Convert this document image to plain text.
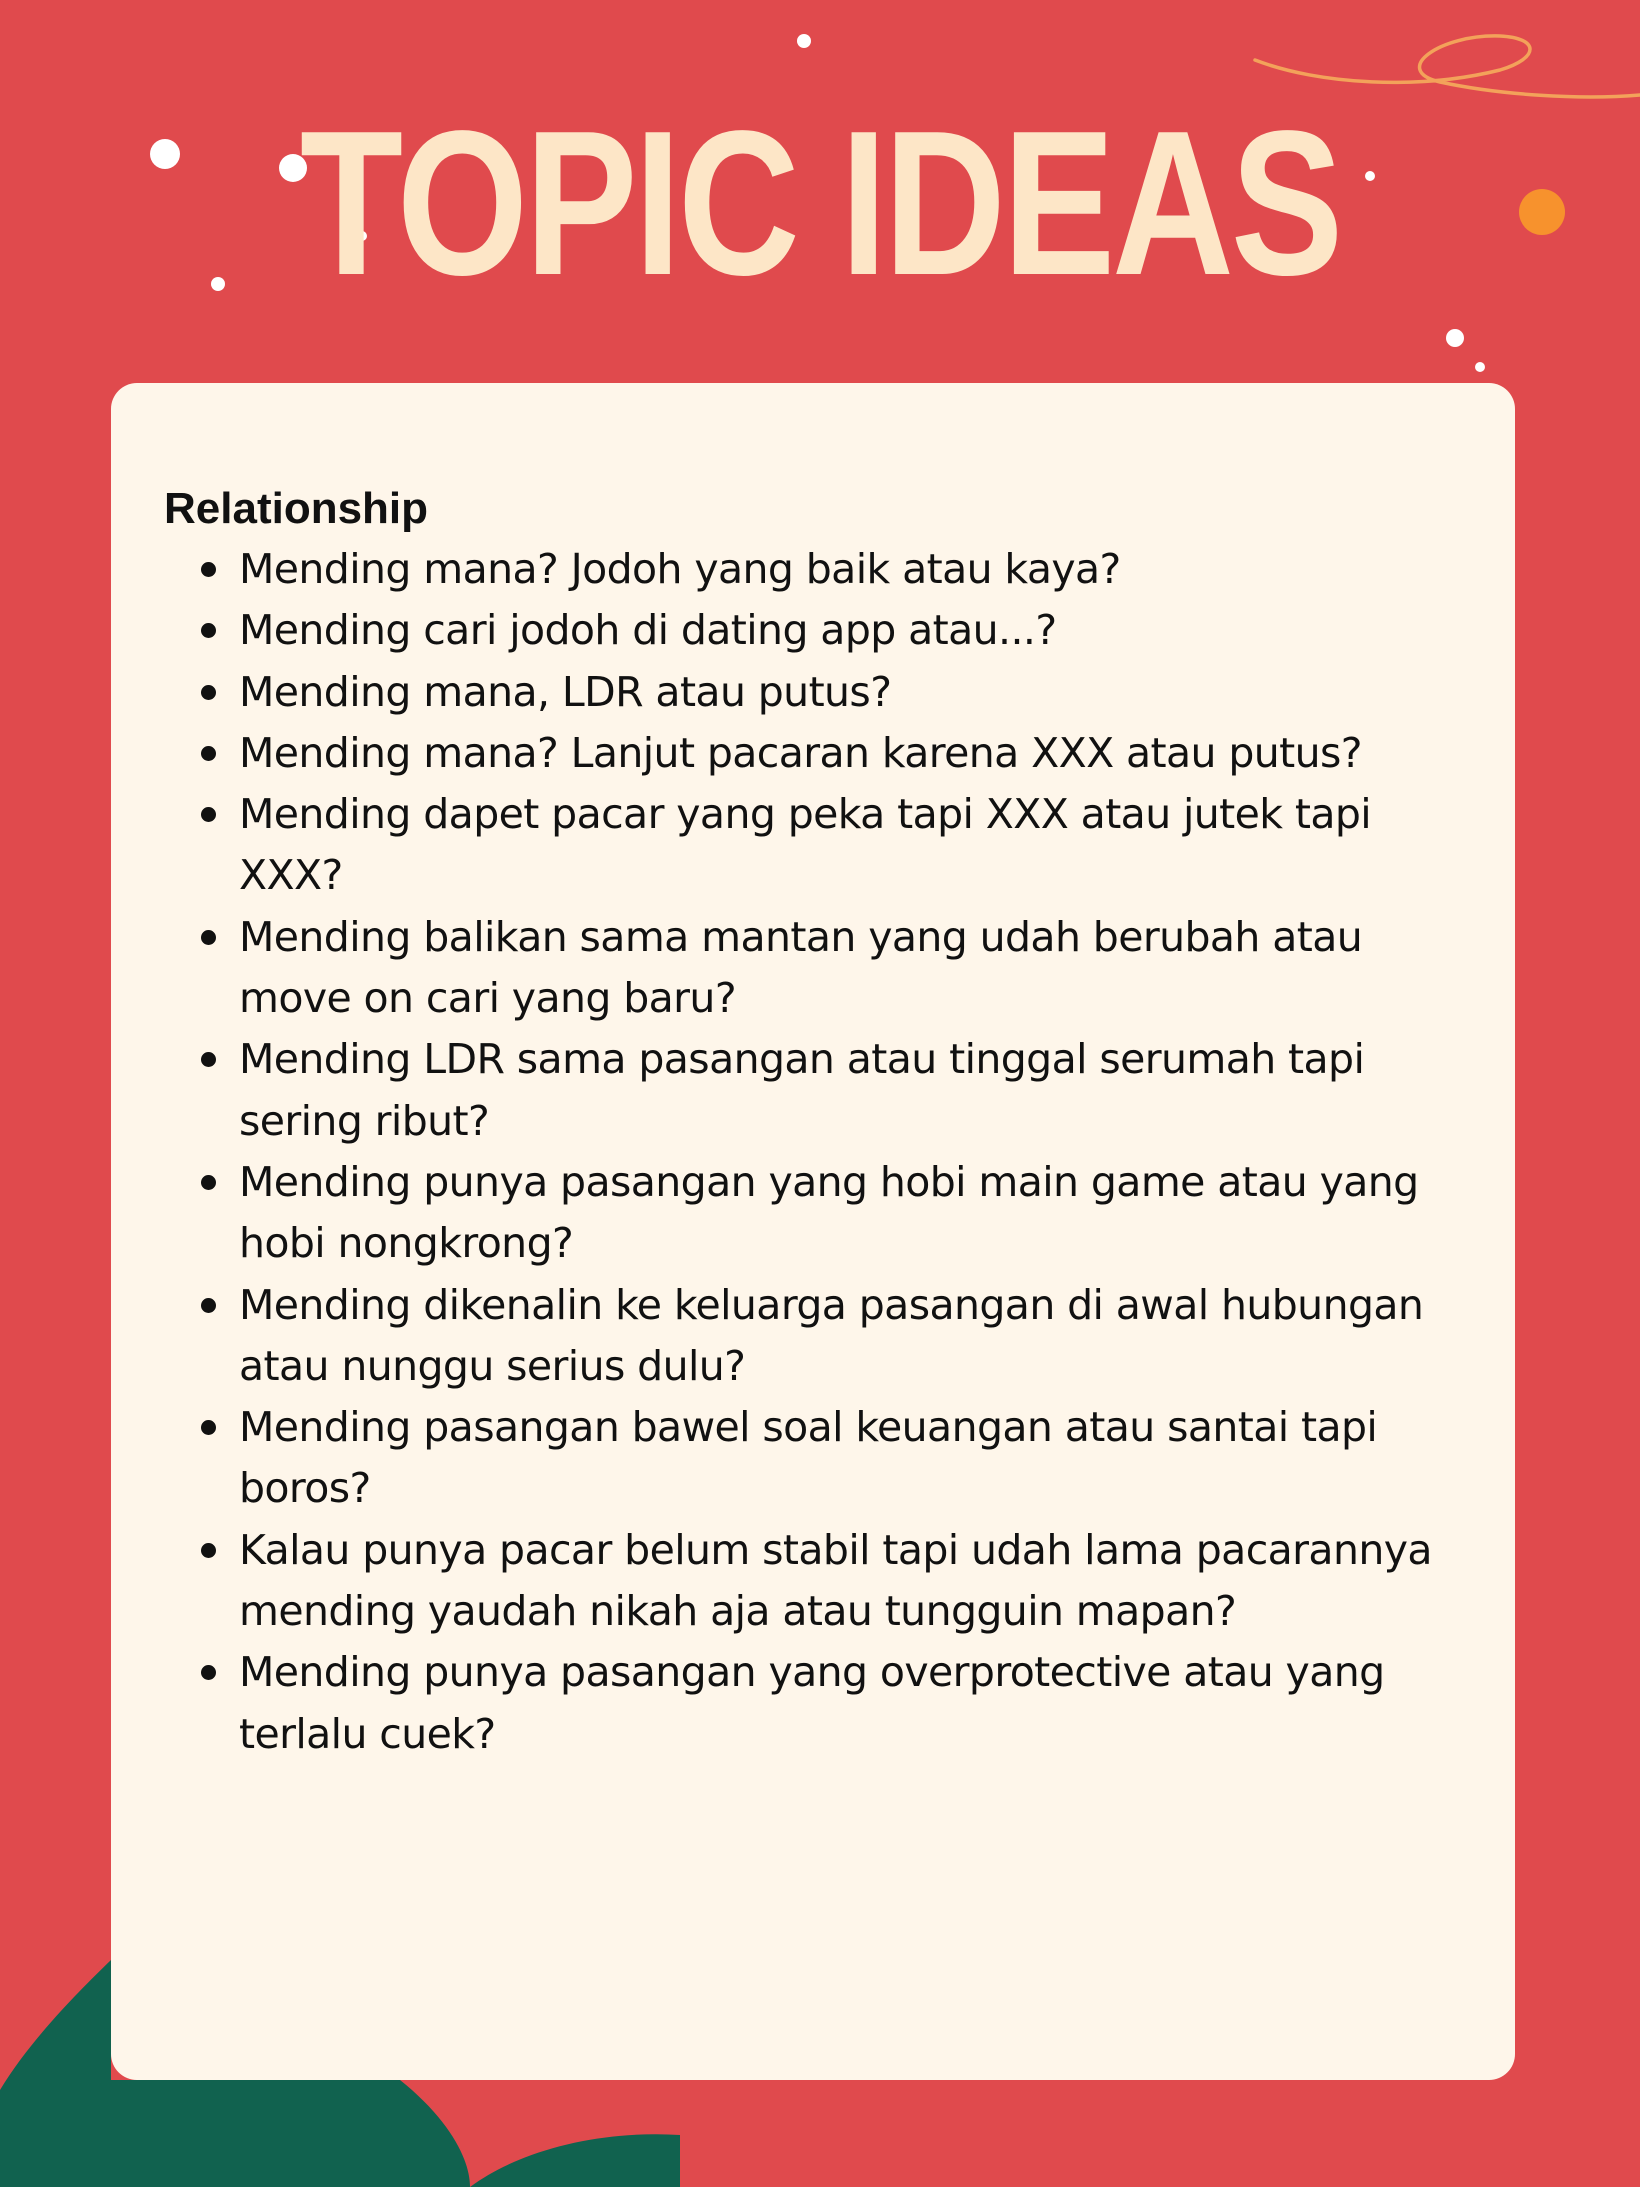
TOPIC IDEAS
Relationship
Mending mana? Jodoh yang baik atau kaya?
Mending cari jodoh di dating app atau...?
Mending mana, LDR atau putus?
Mending mana? Lanjut pacaran karena XXX atau putus?
Mending dapet pacar yang peka tapi XXX atau jutek tapi XXX?
Mending balikan sama mantan yang udah berubah atau move on cari yang baru?
Mending LDR sama pasangan atau tinggal serumah tapi sering ribut?
Mending punya pasangan yang hobi main game atau yang hobi nongkrong?
Mending dikenalin ke keluarga pasangan di awal hubungan atau nunggu serius dulu?
Mending pasangan bawel soal keuangan atau santai tapi boros?
Kalau punya pacar belum stabil tapi udah lama pacarannya mending yaudah nikah aja atau tungguin mapan?
Mending punya pasangan yang overprotective atau yang terlalu cuek?
